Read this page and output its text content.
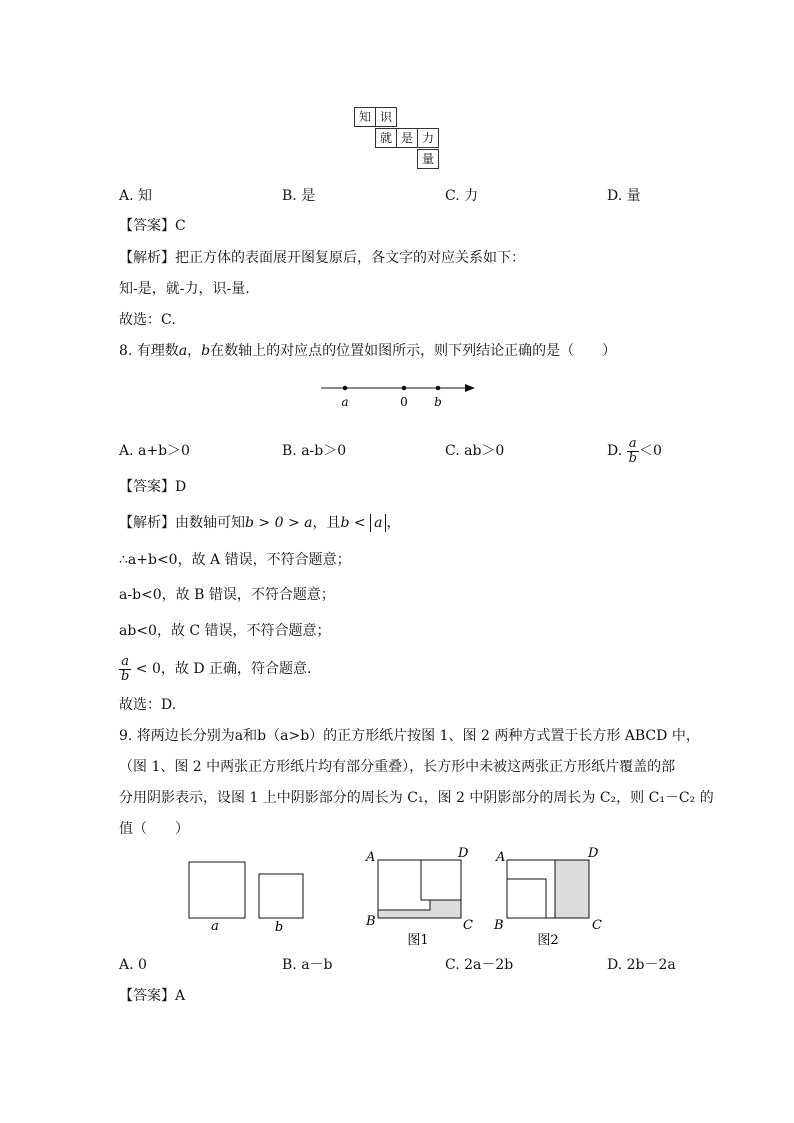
知 识
就 是 力
量
A. 知	B. 是	C. 力	D. 量
【答案】C
【解析】把正方体的表面展开图复原后，各文字的对应关系如下：
知-是，就-力，识-量.
故选：C.
8. 有理数a，b在数轴上的对应点的位置如图所示，则下列结论正确的是（　　）
a	0 b
A. a+b＞0	B. a-b＞0	C. ab＞0	D. $\frac{a}{b} <0$
【答案】D
【解析】由数轴可知b > 0 > a，且b < a ，
∴a+b<0，故 A 错误，不符合题意；
a-b<0，故 B 错误，不符合题意；
ab<0，故 C 错误，不符合题意；
$\frac{a}{b} < 0$，故 D 正确，符合题意.
故选：D.
9. 将两边长分别为a和b（a>b）的正方形纸片按图 1、图 2 两种方式置于长方形 ABCD 中，
（图 1、图 2 中两张正方形纸片均有部分重叠），长方形中未被这两张正方形纸片覆盖的部
分用阴影表示，设图 1 上中阴影部分的周长为 C₁，图 2 中阴影部分的周长为 C₂，则 C₁－C₂ 的
值（　　）
a	b
A	D
B	C
图1
A	D
B	C
图2
A. 0	B. a－b	C. 2a－2b	D. 2b－2a
【答案】A
